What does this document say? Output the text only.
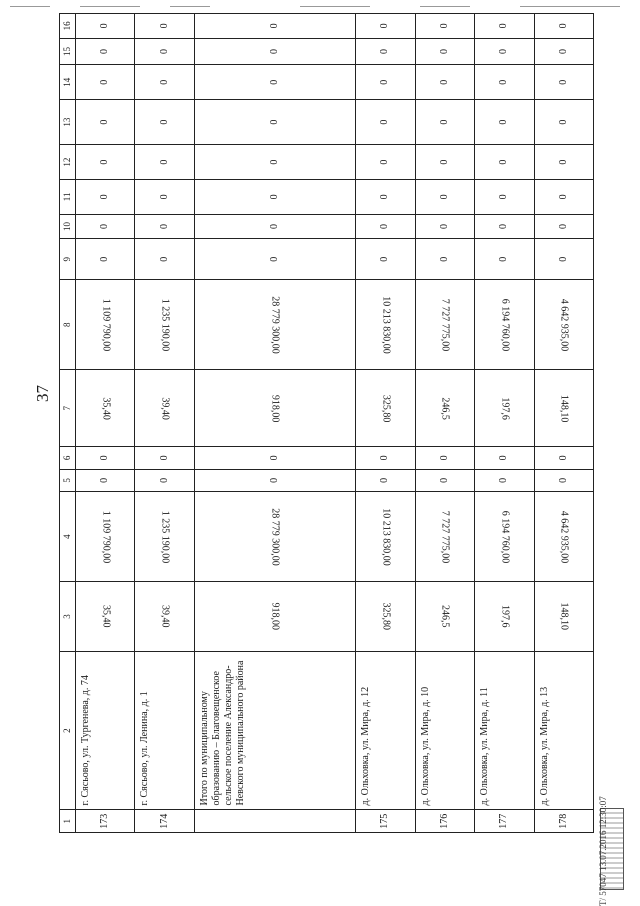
37
1	2	3	4	5	6	7	8	9	10	11	12	13	14	15	16
173	г. Сясьово, ул. Тургенева, д. 74	35,40	1 109 790,00	0	0	35,40	1 109 790,00	0	0	0	0	0	0	0	0
174	г. Сясьово, ул. Ленина, д. 1	39,40	1 235 190,00	0	0	39,40	1 235 190,00	0	0	0	0	0	0	0	0
	Итого по муниципальному образованию – Благовещенское сельское поселение Александро-Невского муниципального района	918,00	28 779 300,00	0	0	918,00	28 779 300,00	0	0	0	0	0	0	0	0
175	д. Ольховка, ул. Мира, д. 12	325,80	10 213 830,00	0	0	325,80	10 213 830,00	0	0	0	0	0	0	0	0
176	д. Ольховка, ул. Мира, д. 10	246,5	7 727 775,00	0	0	246,5	7 727 775,00	0	0	0	0	0	0	0	0
177	д. Ольховка, ул. Мира, д. 11	197,6	6 194 760,00	0	0	197,6	6 194 760,00	0	0	0	0	0	0	0	0
178	д. Ольховка, ул. Мира, д. 13	148,10	4 642 935,00	0	0	148,10	4 642 935,00	0	0	0	0	0	0	0	0
Т/ 57047 13.07.2016 12:30:07
